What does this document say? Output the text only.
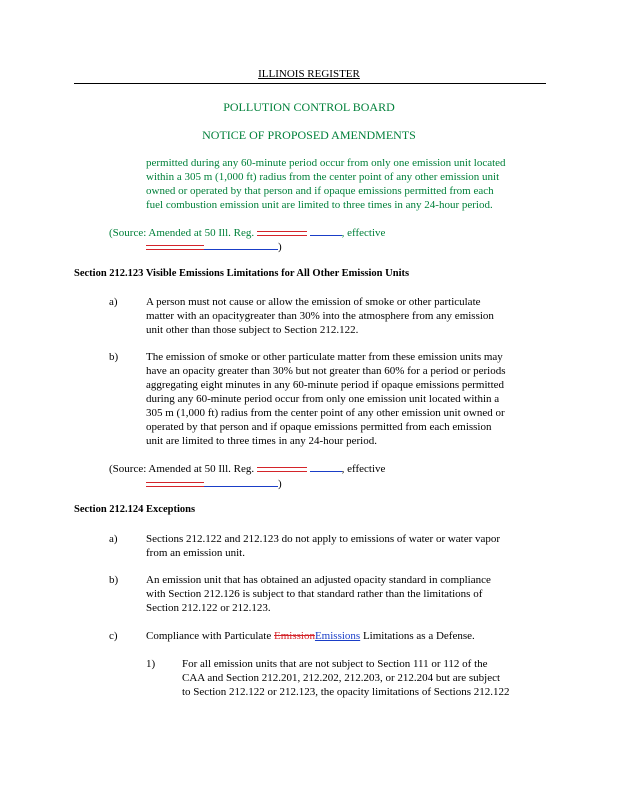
ILLINOIS REGISTER
POLLUTION CONTROL BOARD
NOTICE OF PROPOSED AMENDMENTS
permitted during any 60-minute period occur from only one emission unit located
within a 305 m (1,000 ft) radius from the center point of any other emission unit
owned or operated by that person and if opaque emissions permitted from each
fuel combustion emission unit are limited to three times in any 24-hour period.
(Source: Amended at 50 Ill. Reg.	, effective
)
Section 212.123 Visible Emissions Limitations for All Other Emission Units
a)	A person must not cause or allow the emission of smoke or other particulate
matter with an opacitygreater than 30% into the atmosphere from any emission
unit other than those subject to Section 212.122.
b)	The emission of smoke or other particulate matter from these emission units may
have an opacity greater than 30% but not greater than 60% for a period or periods
aggregating eight minutes in any 60-minute period if opaque emissions permitted
during any 60-minute period occur from only one emission unit located within a
305 m (1,000 ft) radius from the center point of any other emission unit owned or
operated by that person and if opaque emissions permitted from each emission
unit are limited to three times in any 24-hour period.
(Source: Amended at 50 Ill. Reg.	, effective
)
Section 212.124 Exceptions
a)	Sections 212.122 and 212.123 do not apply to emissions of water or water vapor
from an emission unit.
b)	An emission unit that has obtained an adjusted opacity standard in compliance
with Section 212.126 is subject to that standard rather than the limitations of
Section 212.122 or 212.123.
c)	Compliance with Particulate EmissionEmissions Limitations as a Defense.
1) For all emission units that are not subject to Section 111 or 112 of the
CAA and Section 212.201, 212.202, 212.203, or 212.204 but are subject
to Section 212.122 or 212.123, the opacity limitations of Sections 212.122
